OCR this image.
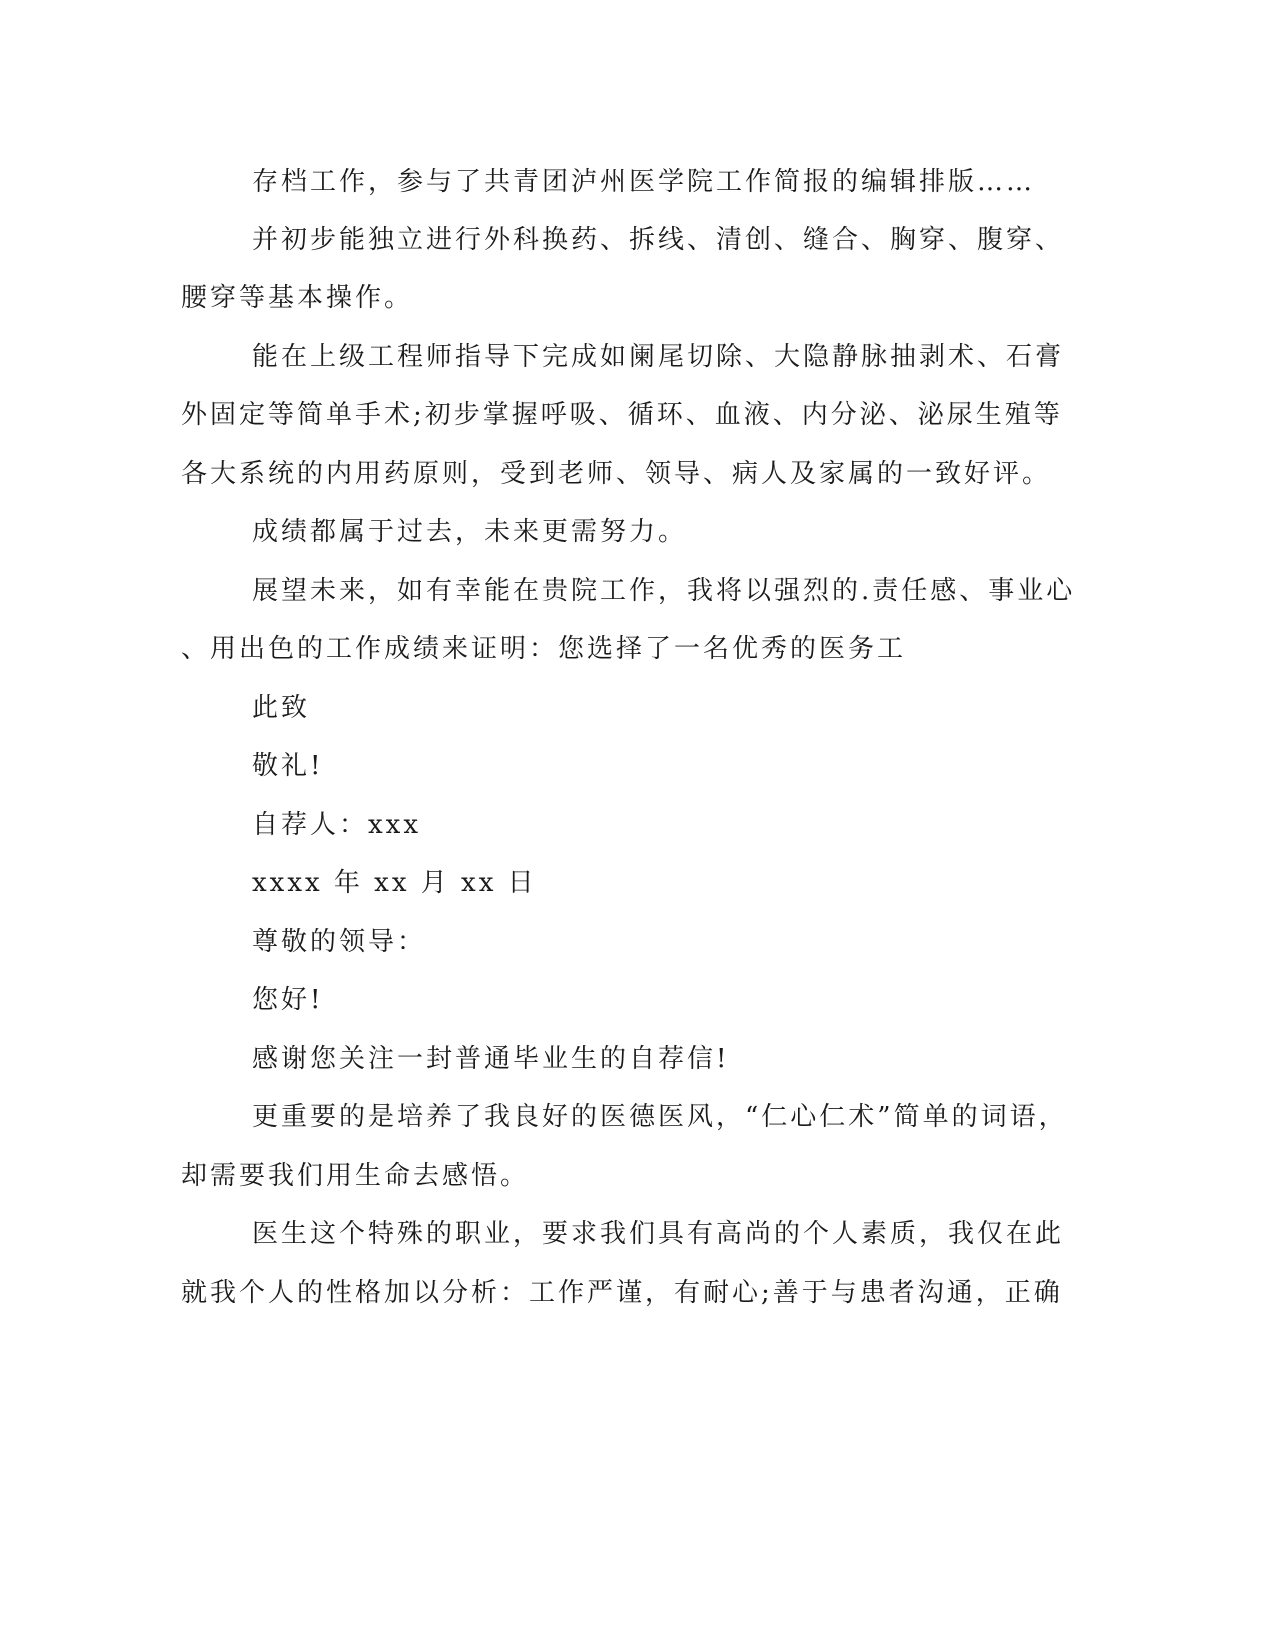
存档工作，参与了共青团泸州医学院工作简报的编辑排版……
并初步能独立进行外科换药、拆线、清创、缝合、胸穿、腹穿、
腰穿等基本操作。
能在上级工程师指导下完成如阑尾切除、大隐静脉抽剥术、石膏
外固定等简单手术;初步掌握呼吸、循环、血液、内分泌、泌尿生殖等
各大系统的内用药原则，受到老师、领导、病人及家属的一致好评。
成绩都属于过去，未来更需努力。
展望未来，如有幸能在贵院工作，我将以强烈的.责任感、事业心
、用出色的工作成绩来证明：您选择了一名优秀的医务工
此致
敬礼!
自荐人：xxx
xxxx 年 xx 月 xx 日
尊敬的领导：
您好!
感谢您关注一封普通毕业生的自荐信!
更重要的是培养了我良好的医德医风，“仁心仁术”简单的词语，
却需要我们用生命去感悟。
医生这个特殊的职业，要求我们具有高尚的个人素质，我仅在此
就我个人的性格加以分析：工作严谨，有耐心;善于与患者沟通，正确
